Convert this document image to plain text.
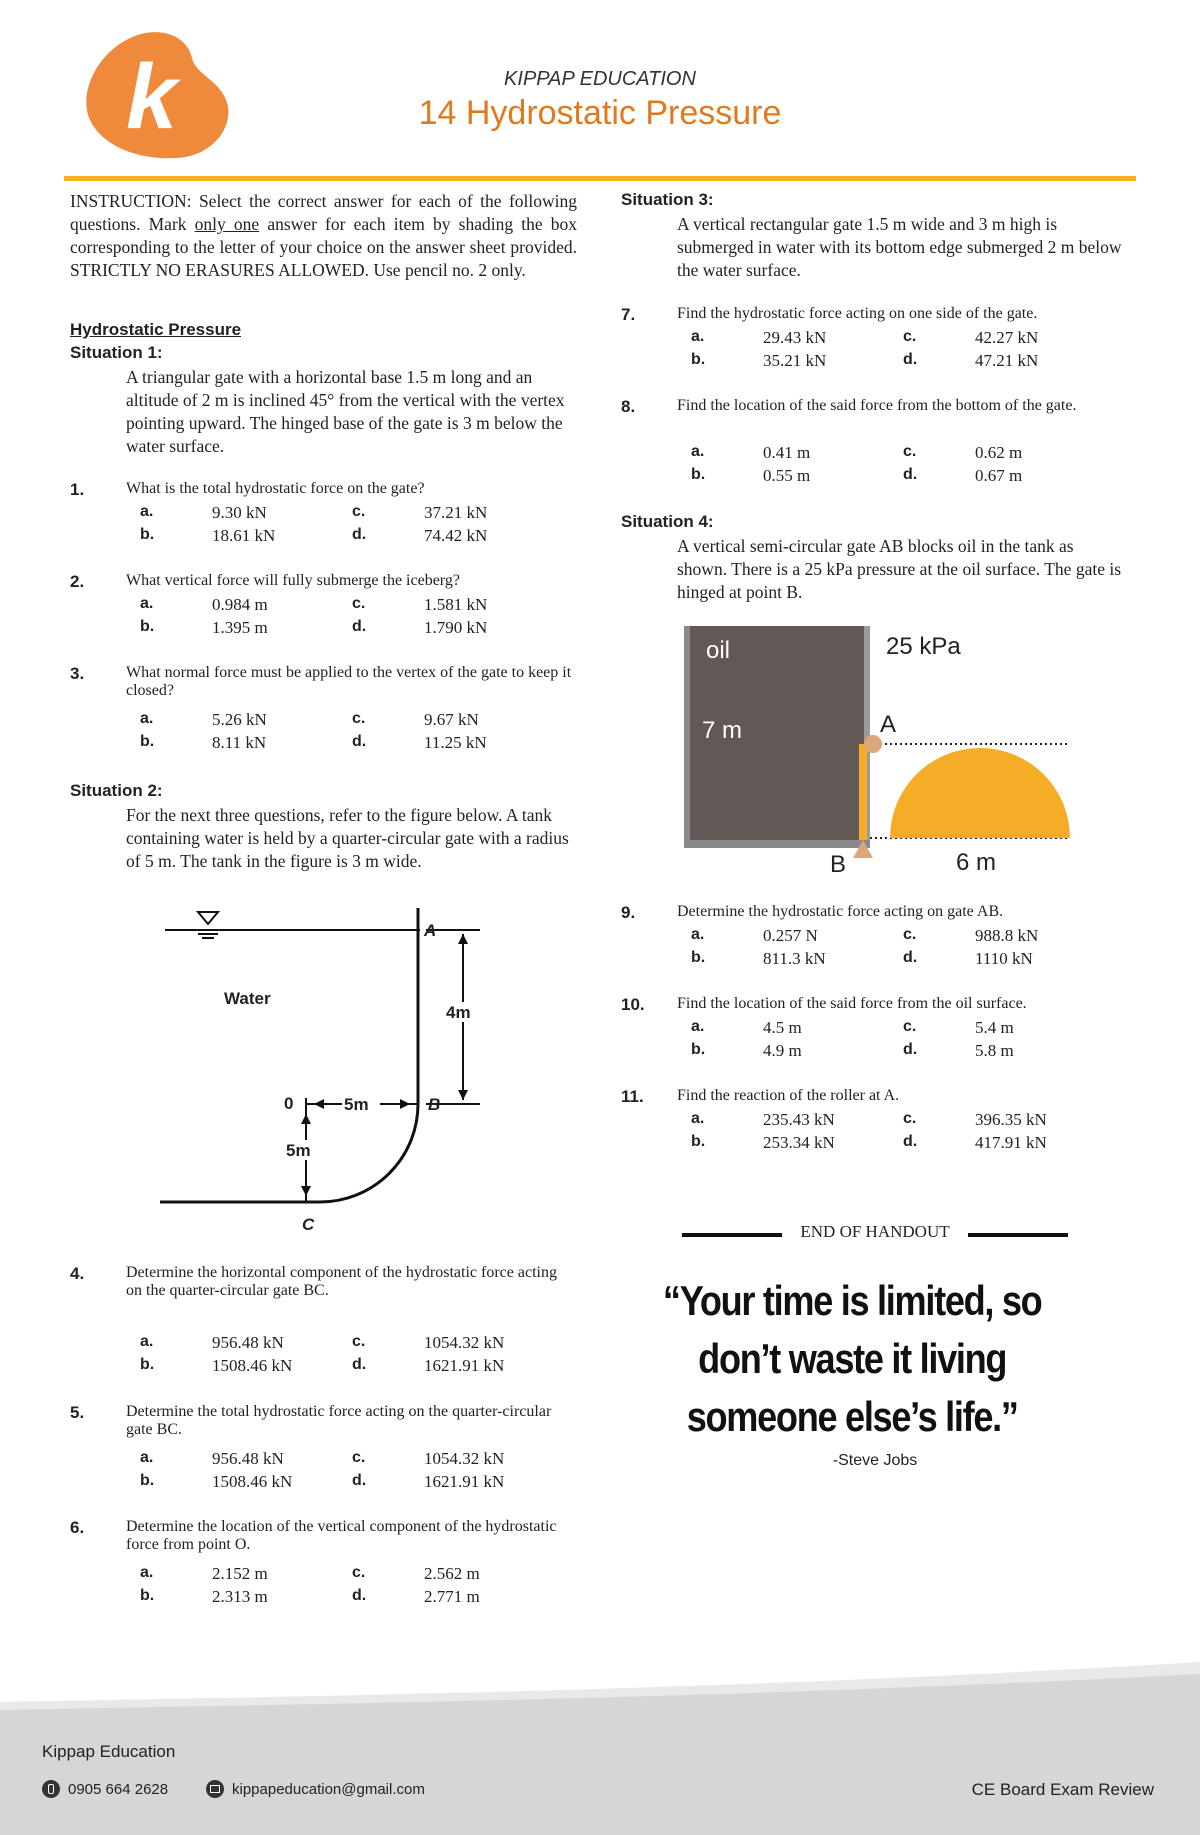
k	KIPPAP EDUCATION
14 Hydrostatic Pressure
INSTRUCTION: Select the correct answer for each of the following questions. Mark only one answer for each item by shading the box corresponding to the letter of your choice on the answer sheet provided. STRICTLY NO ERASURES ALLOWED. Use pencil no. 2 only.
Hydrostatic Pressure
Situation 1:
A triangular gate with a horizontal base 1.5 m long and an altitude of 2 m is inclined 45° from the vertical with the vertex pointing upward. The hinged base of the gate is 3 m below the water surface.
Situation 2:
For the next three questions, refer to the figure below. A tank containing water is held by a quarter-circular gate with a radius of 5 m. The tank in the figure is 3 m wide.
Water
A
B
C
0
4m
5m
5m
1.	What is the total hydrostatic force on the gate?
a.	9.30 kN	c.	37.21 kN
b.	18.61 kN	d.	74.42 kN
2.	What vertical force will fully submerge the iceberg?
a.	0.984 m	c.	1.581 kN
b.	1.395 m	d.	1.790 kN
3.	What normal force must be applied to the vertex of the gate to keep it closed?
a.	5.26 kN	c.	9.67 kN
b.	8.11 kN	d.	11.25 kN
4.	Determine the horizontal component of the hydrostatic force acting on the quarter-circular gate BC.
a.	956.48 kN	c.	1054.32 kN
b.	1508.46 kN	d.	1621.91 kN
5.	Determine the total hydrostatic force acting on the quarter-circular gate BC.
a.	956.48 kN	c.	1054.32 kN
b.	1508.46 kN	d.	1621.91 kN
6.	Determine the location of the vertical component of the hydrostatic force from point O.
a.	2.152 m	c.	2.562 m
b.	2.313 m	d.	2.771 m
Situation 3:
A vertical rectangular gate 1.5 m wide and 3 m high is submerged in water with its bottom edge submerged 2 m below the water surface.
7.	Find the hydrostatic force acting on one side of the gate.
a.	29.43 kN	c.	42.27 kN
b.	35.21 kN	d.	47.21 kN
8.	Find the location of the said force from the bottom of the gate.
a.	0.41 m	c.	0.62 m
b.	0.55 m	d.	0.67 m
Situation 4:
A vertical semi-circular gate AB blocks oil in the tank as shown. There is a 25 kPa pressure at the oil surface. The gate is hinged at point B.
oil
7 m
25 kPa
A
B	6 m
9.	Determine the hydrostatic force acting on gate AB.
a.	0.257 N	c.	988.8 kN
b.	811.3 kN	d.	1110 kN
10. Find the location of the said force from the oil surface.
a.	4.5 m	c.	5.4 m
b.	4.9 m	d.	5.8 m
11. Find the reaction of the roller at A.
a.	235.43 kN	c.	396.35 kN
b.	253.34 kN	d.	417.91 kN
END OF HANDOUT
“Your time is limited, so don’t waste it living someone else’s life.”
-Steve Jobs
Kippap Education
0905 664 2628	kippapeducation@gmail.com	CE Board Exam Review
